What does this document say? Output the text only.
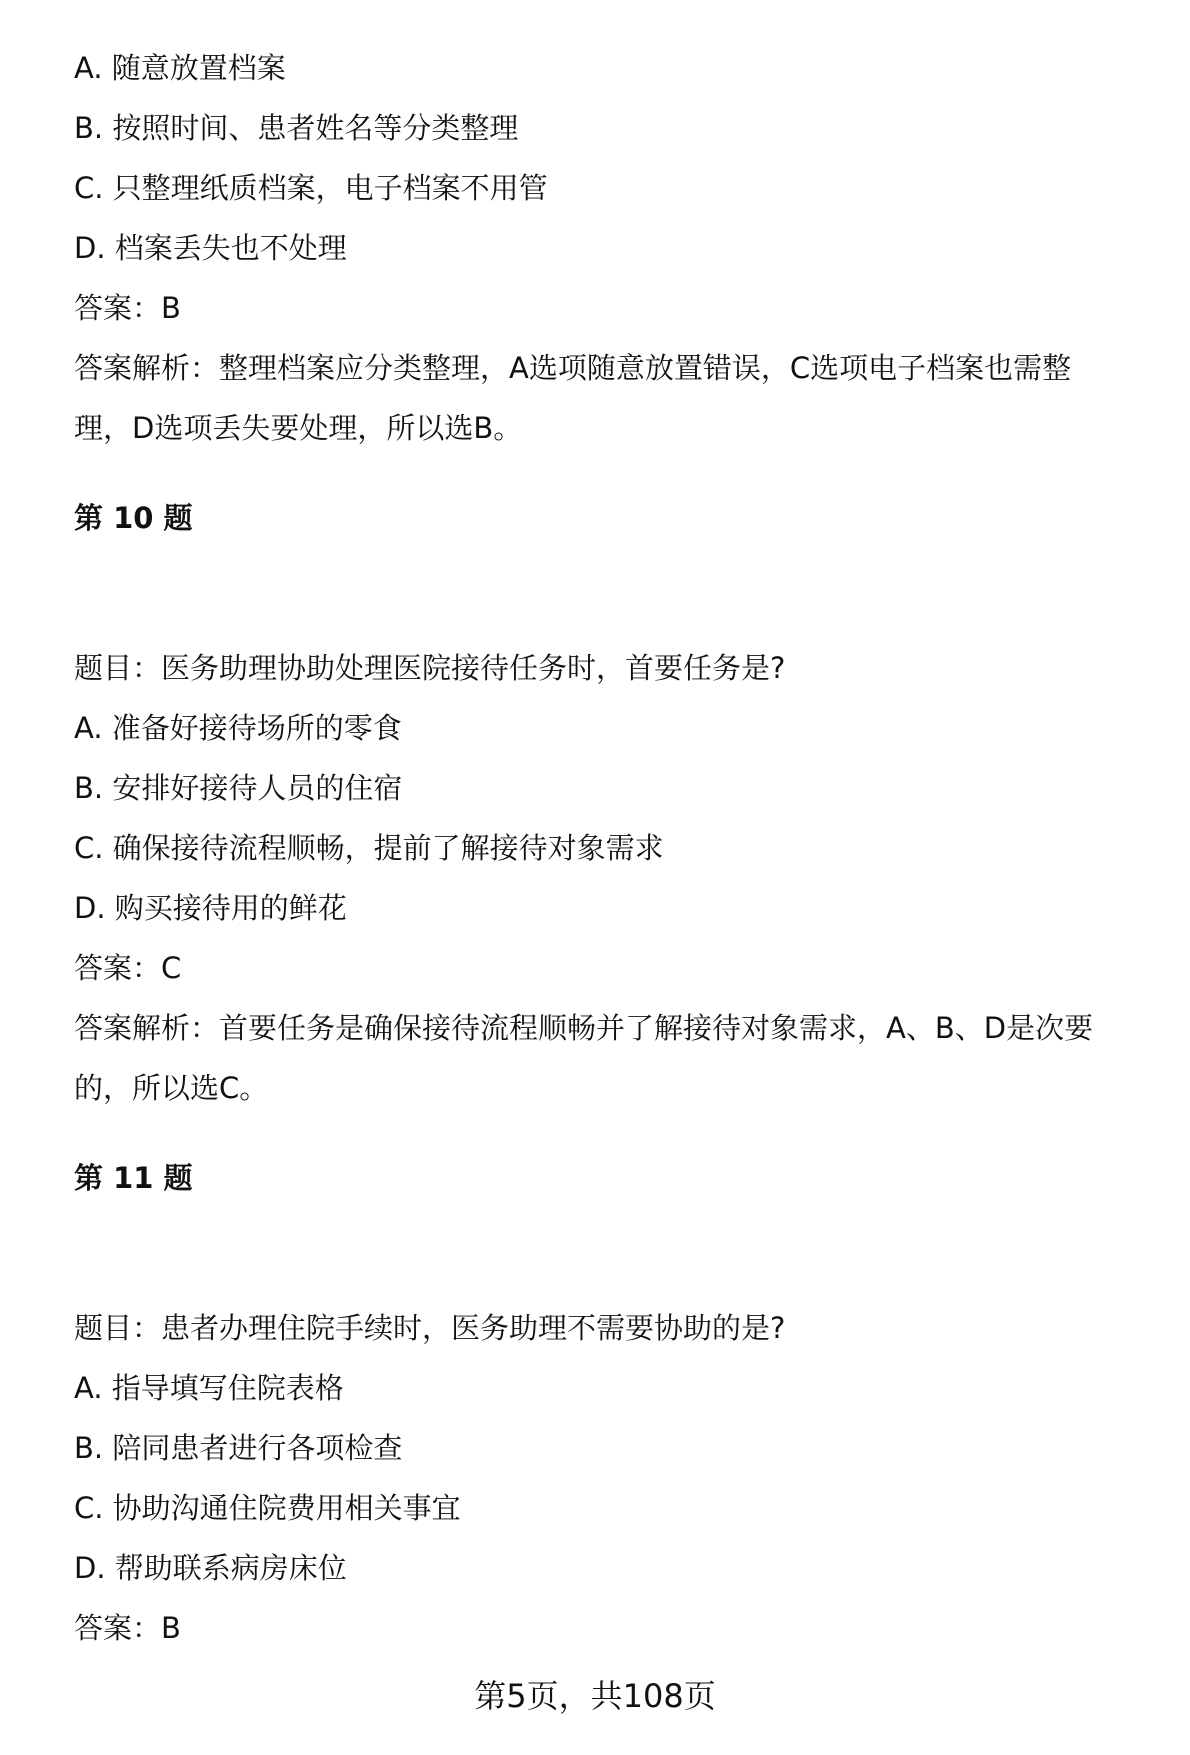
A. 随意放置档案
B. 按照时间、患者姓名等分类整理
C. 只整理纸质档案，电子档案不用管
D. 档案丢失也不处理
答案：B
答案解析：整理档案应分类整理，A选项随意放置错误，C选项电子档案也需整
理，D选项丢失要处理，所以选B。
第 10 题
题目：医务助理协助处理医院接待任务时，首要任务是?
A. 准备好接待场所的零食
B. 安排好接待人员的住宿
C. 确保接待流程顺畅，提前了解接待对象需求
D. 购买接待用的鲜花
答案：C
答案解析：首要任务是确保接待流程顺畅并了解接待对象需求，A、B、D是次要
的，所以选C。
第 11 题
题目：患者办理住院手续时，医务助理不需要协助的是?
A. 指导填写住院表格
B. 陪同患者进行各项检查
C. 协助沟通住院费用相关事宜
D. 帮助联系病房床位
答案：B
第5页，共108页
